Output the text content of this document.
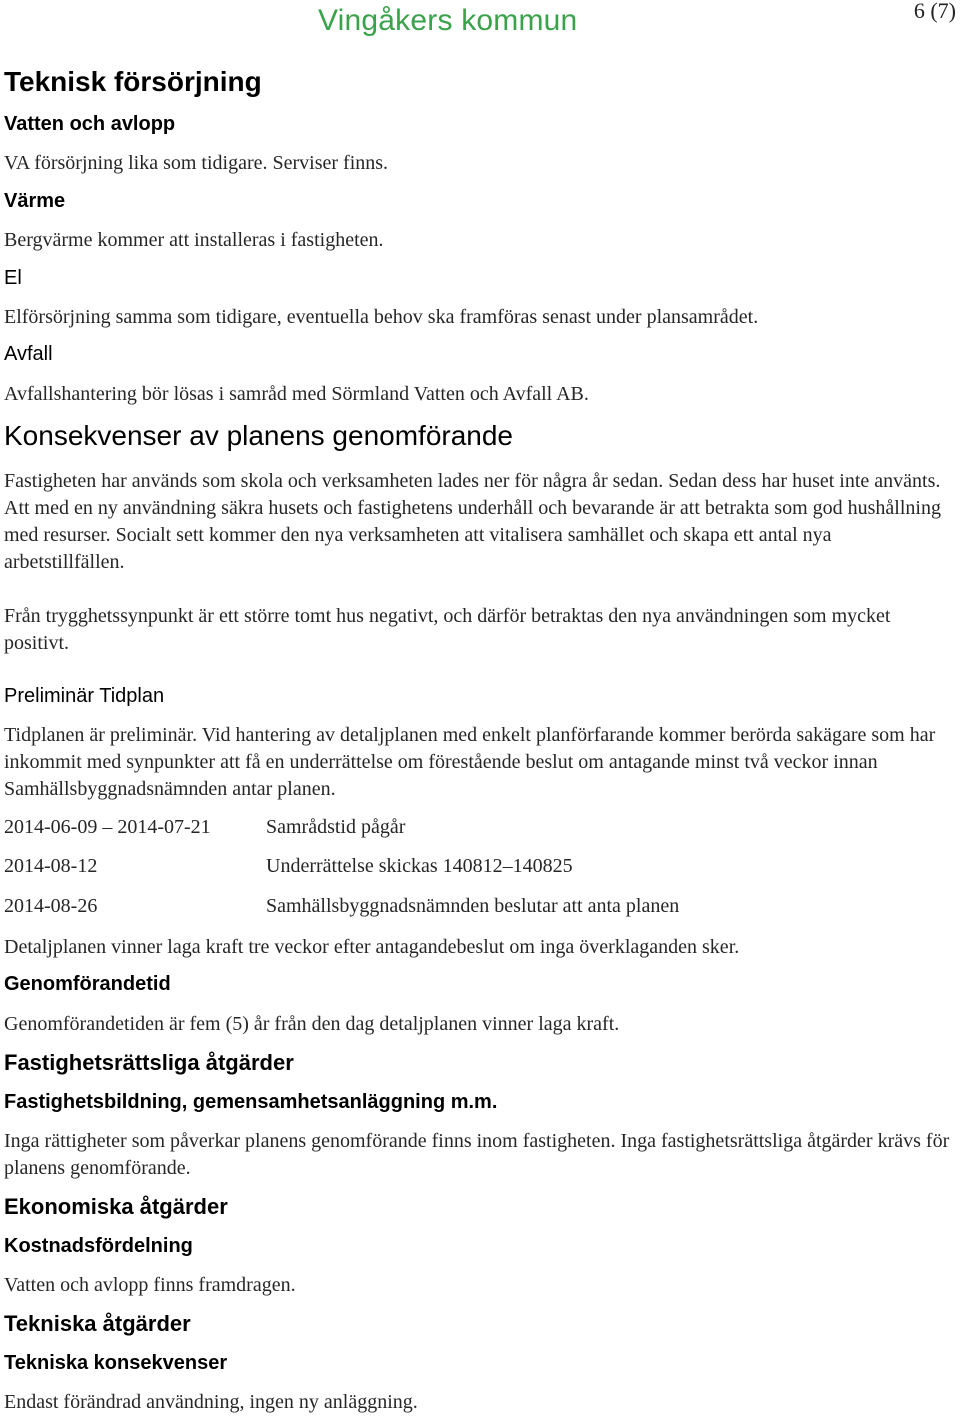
Vingåkers kommun	6 (7)
Teknisk försörjning
Vatten och avlopp
VA försörjning lika som tidigare. Serviser finns.
Värme
Bergvärme kommer att installeras i fastigheten.
El
Elförsörjning samma som tidigare, eventuella behov ska framföras senast under plansamrådet.
Avfall
Avfallshantering bör lösas i samråd med Sörmland Vatten och Avfall AB.
Konsekvenser av planens genomförande
Fastigheten har används som skola och verksamheten lades ner för några år sedan. Sedan dess har huset inte använts. Att med en ny användning säkra husets och fastighetens underhåll och bevarande är att betrakta som god hushållning med resurser. Socialt sett kommer den nya verksamheten att vitalisera samhället och skapa ett antal nya arbetstillfällen.
Från trygghetssynpunkt är ett större tomt hus negativt, och därför betraktas den nya användningen som mycket positivt.
Preliminär Tidplan
Tidplanen är preliminär. Vid hantering av detaljplanen med enkelt planförfarande kommer berörda sakägare som har inkommit med synpunkter att få en underrättelse om förestående beslut om antagande minst två veckor innan Samhällsbyggnadsnämnden antar planen.
2014-06-09 – 2014-07-21	Samrådstid pågår
2014-08-12	Underrättelse skickas 140812–140825
2014-08-26	Samhällsbyggnadsnämnden beslutar att anta planen
Detaljplanen vinner laga kraft tre veckor efter antagandebeslut om inga överklaganden sker.
Genomförandetid
Genomförandetiden är fem (5) år från den dag detaljplanen vinner laga kraft.
Fastighetsrättsliga åtgärder
Fastighetsbildning, gemensamhetsanläggning m.m.
Inga rättigheter som påverkar planens genomförande finns inom fastigheten. Inga fastighetsrättsliga åtgärder krävs för planens genomförande.
Ekonomiska åtgärder
Kostnadsfördelning
Vatten och avlopp finns framdragen.
Tekniska åtgärder
Tekniska konsekvenser
Endast förändrad användning, ingen ny anläggning.
